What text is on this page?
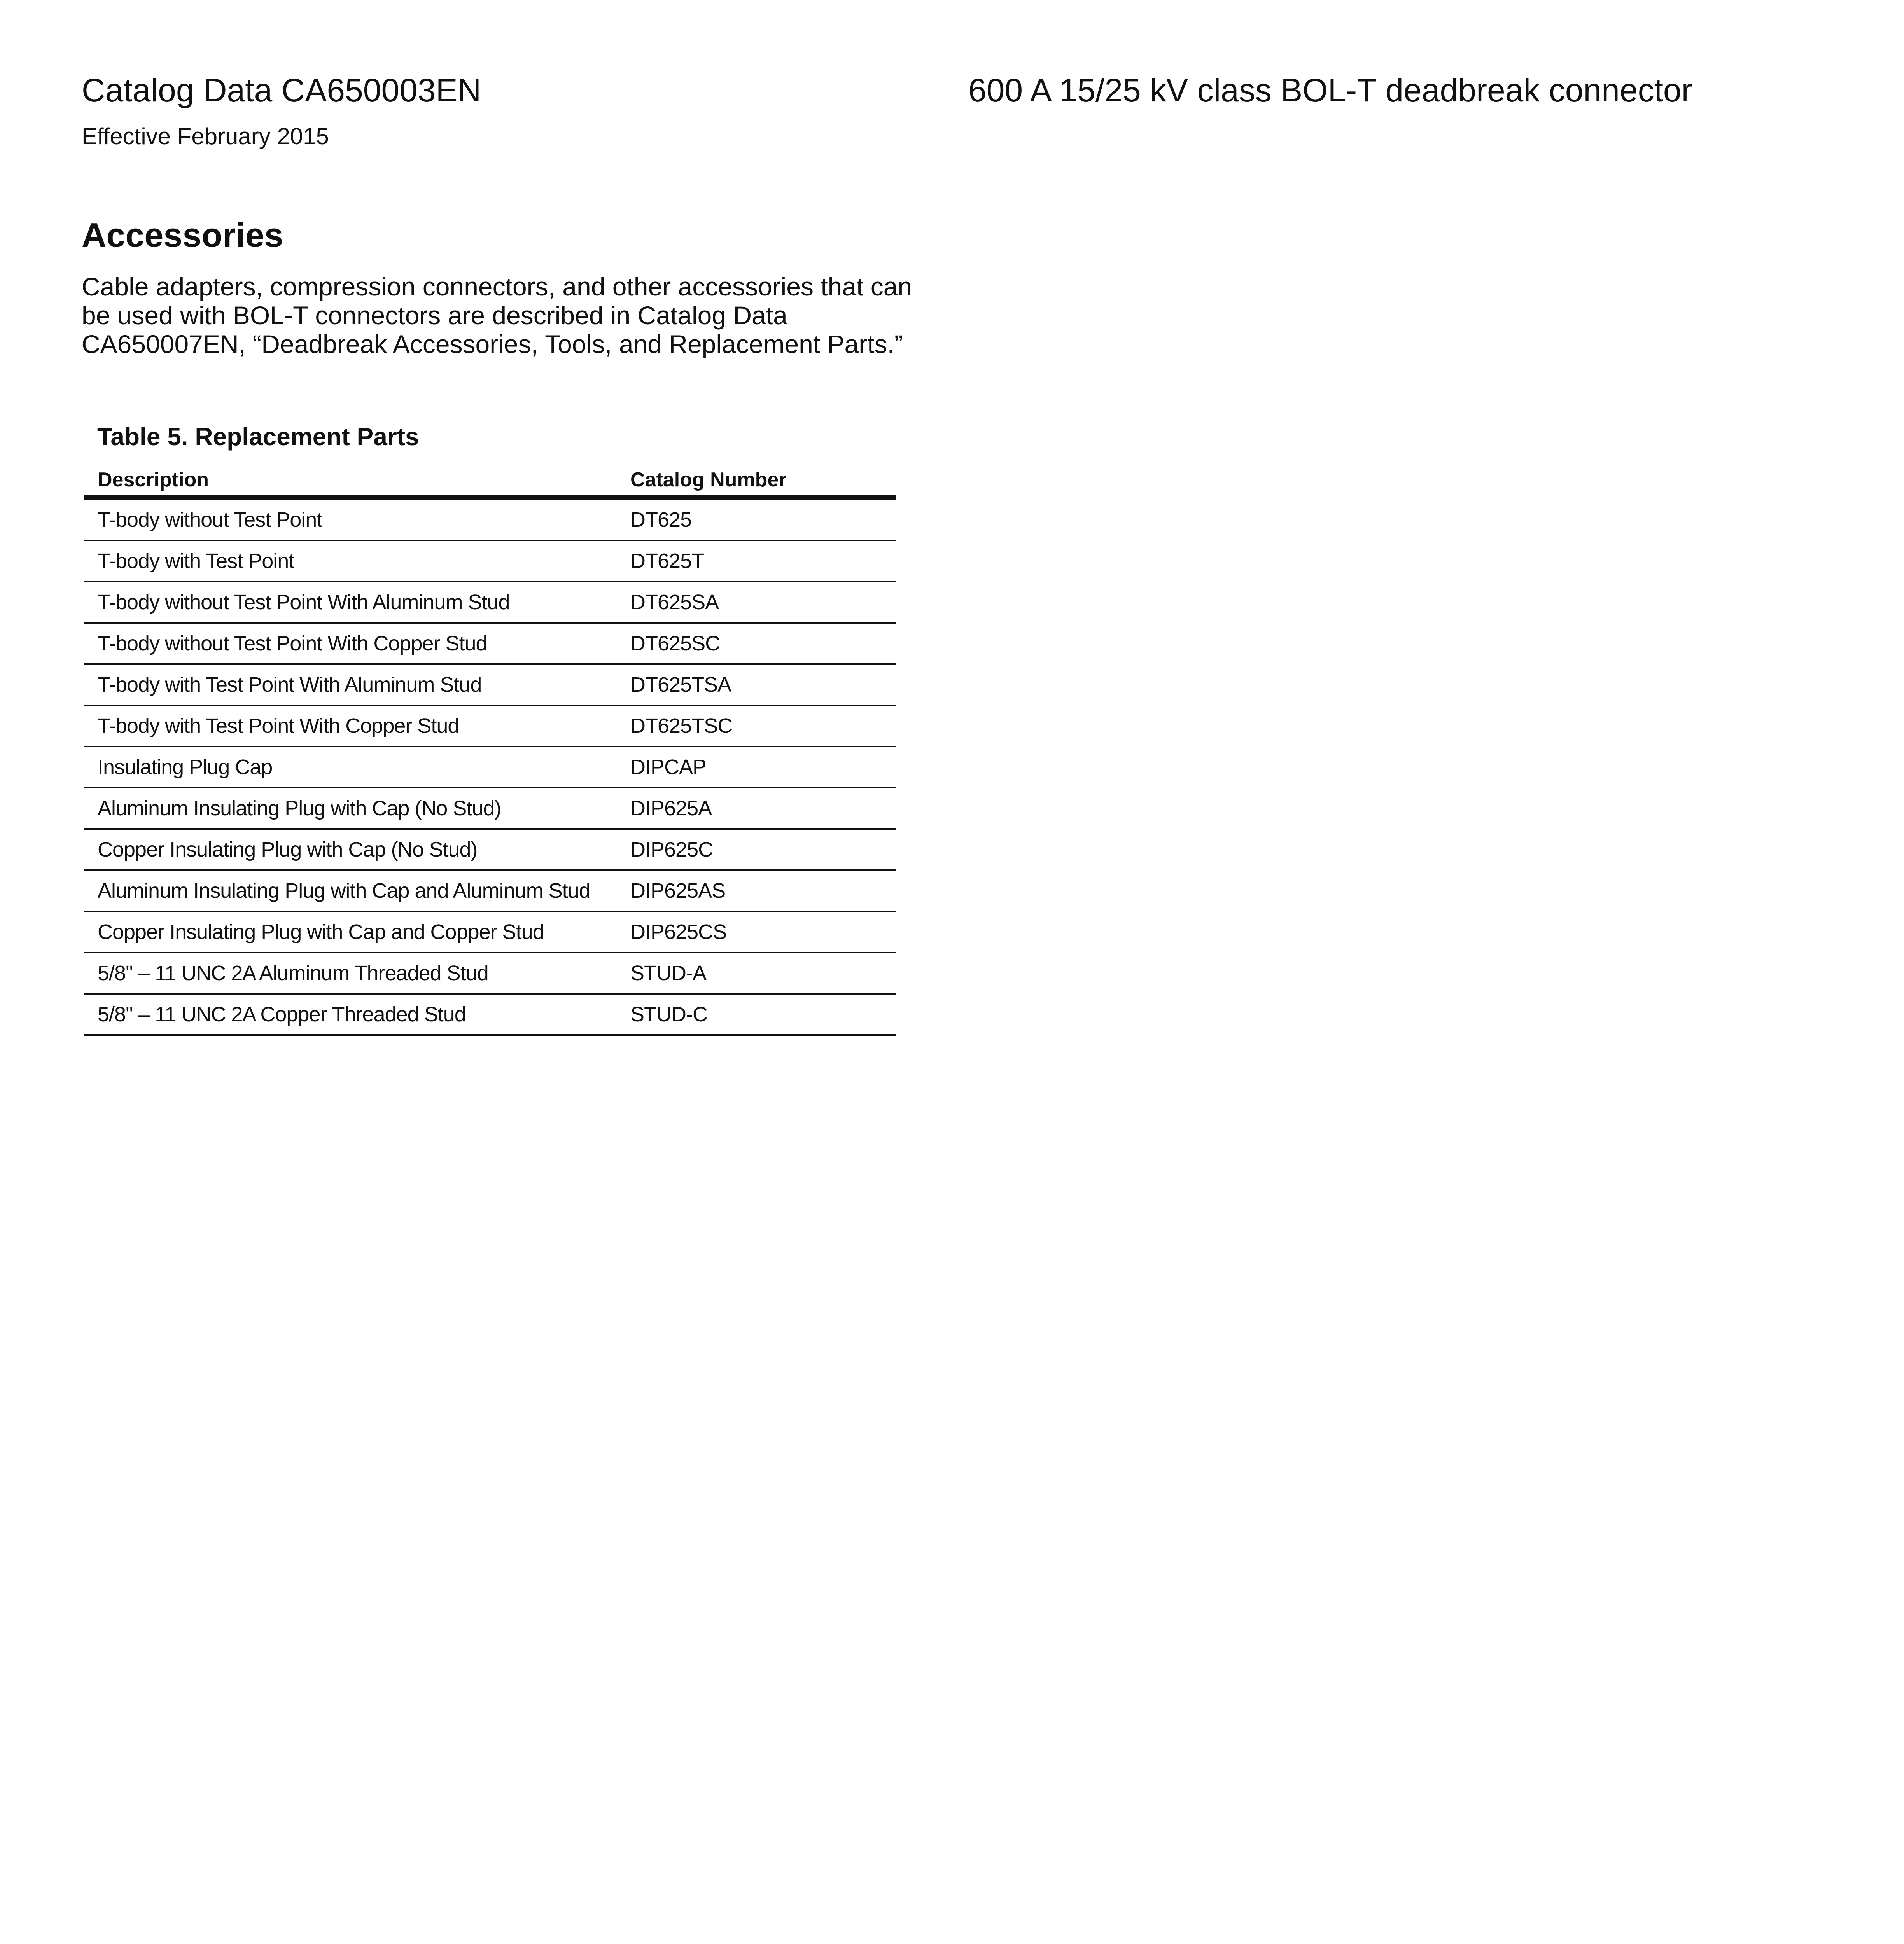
Catalog Data CA650003EN
Effective February 2015
600 A 15/25 kV class BOL-T deadbreak connector
Accessories

Cable adapters, compression connectors, and other accessories that can be used with BOL-T connectors are described in Catalog Data CA650007EN, “Deadbreak Accessories, Tools, and Replacement Parts.”

Table 5. Replacement Parts
Description	Catalog Number
T-body without Test Point	DT625
T-body with Test Point	DT625T
T-body without Test Point With Aluminum Stud	DT625SA
T-body without Test Point With Copper Stud	DT625SC
T-body with Test Point With Aluminum Stud	DT625TSA
T-body with Test Point With Copper Stud	DT625TSC
Insulating Plug Cap	DIPCAP
Aluminum Insulating Plug with Cap (No Stud)	DIP625A
Copper Insulating Plug with Cap (No Stud)	DIP625C
Aluminum Insulating Plug with Cap and Aluminum Stud	DIP625AS
Copper Insulating Plug with Cap and Copper Stud	DIP625CS
5/8" – 11 UNC 2A Aluminum Threaded Stud	STUD-A
5/8" – 11 UNC 2A Copper Threaded Stud	STUD-C
